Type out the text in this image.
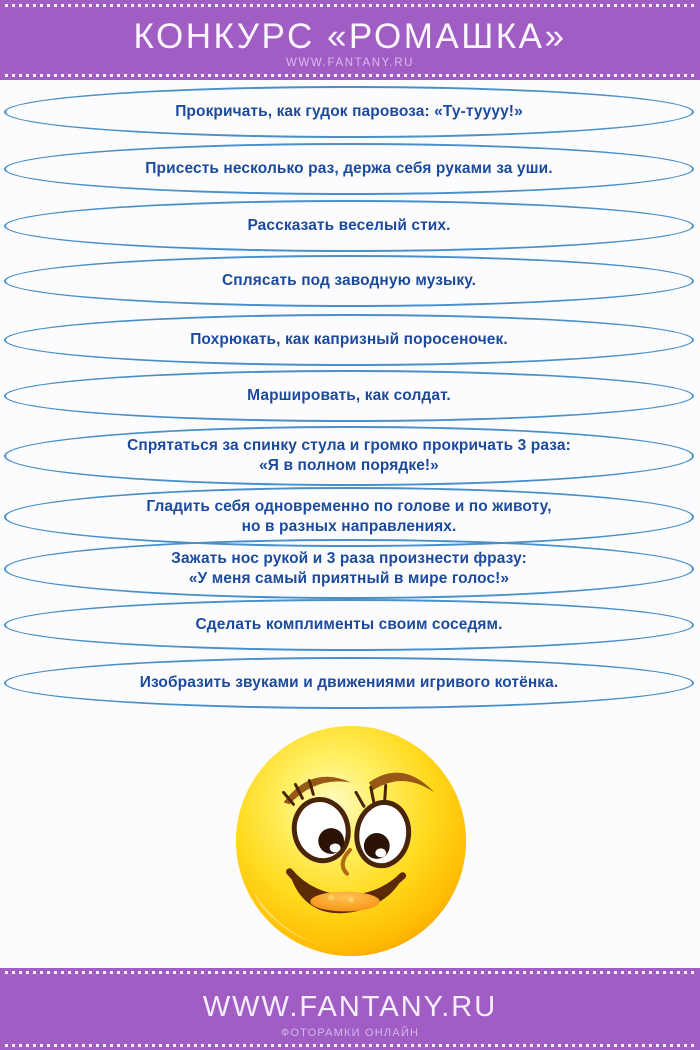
КОНКУРС «РОМАШКА»
WWW.FANTANY.RU
Прокричать, как гудок паровоза: «Ту-туууу!»
Присесть несколько раз, держа себя руками за уши.
Рассказать веселый стих.
Сплясать под заводную музыку.
Похрюкать, как капризный поросеночек.
Маршировать, как солдат.
Спрятаться за спинку стула и громко прокричать 3 раза:
«Я в полном порядке!»
Гладить себя одновременно по голове и по животу,
но в разных направлениях.
Зажать нос рукой и 3 раза произнести фразу:
«У меня самый приятный в мире голос!»
Сделать комплименты своим соседям.
Изобразить звуками и движениями игривого котёнка.
WWW.FANTANY.RU
ФОТОРАМКИ ОНЛАЙН
